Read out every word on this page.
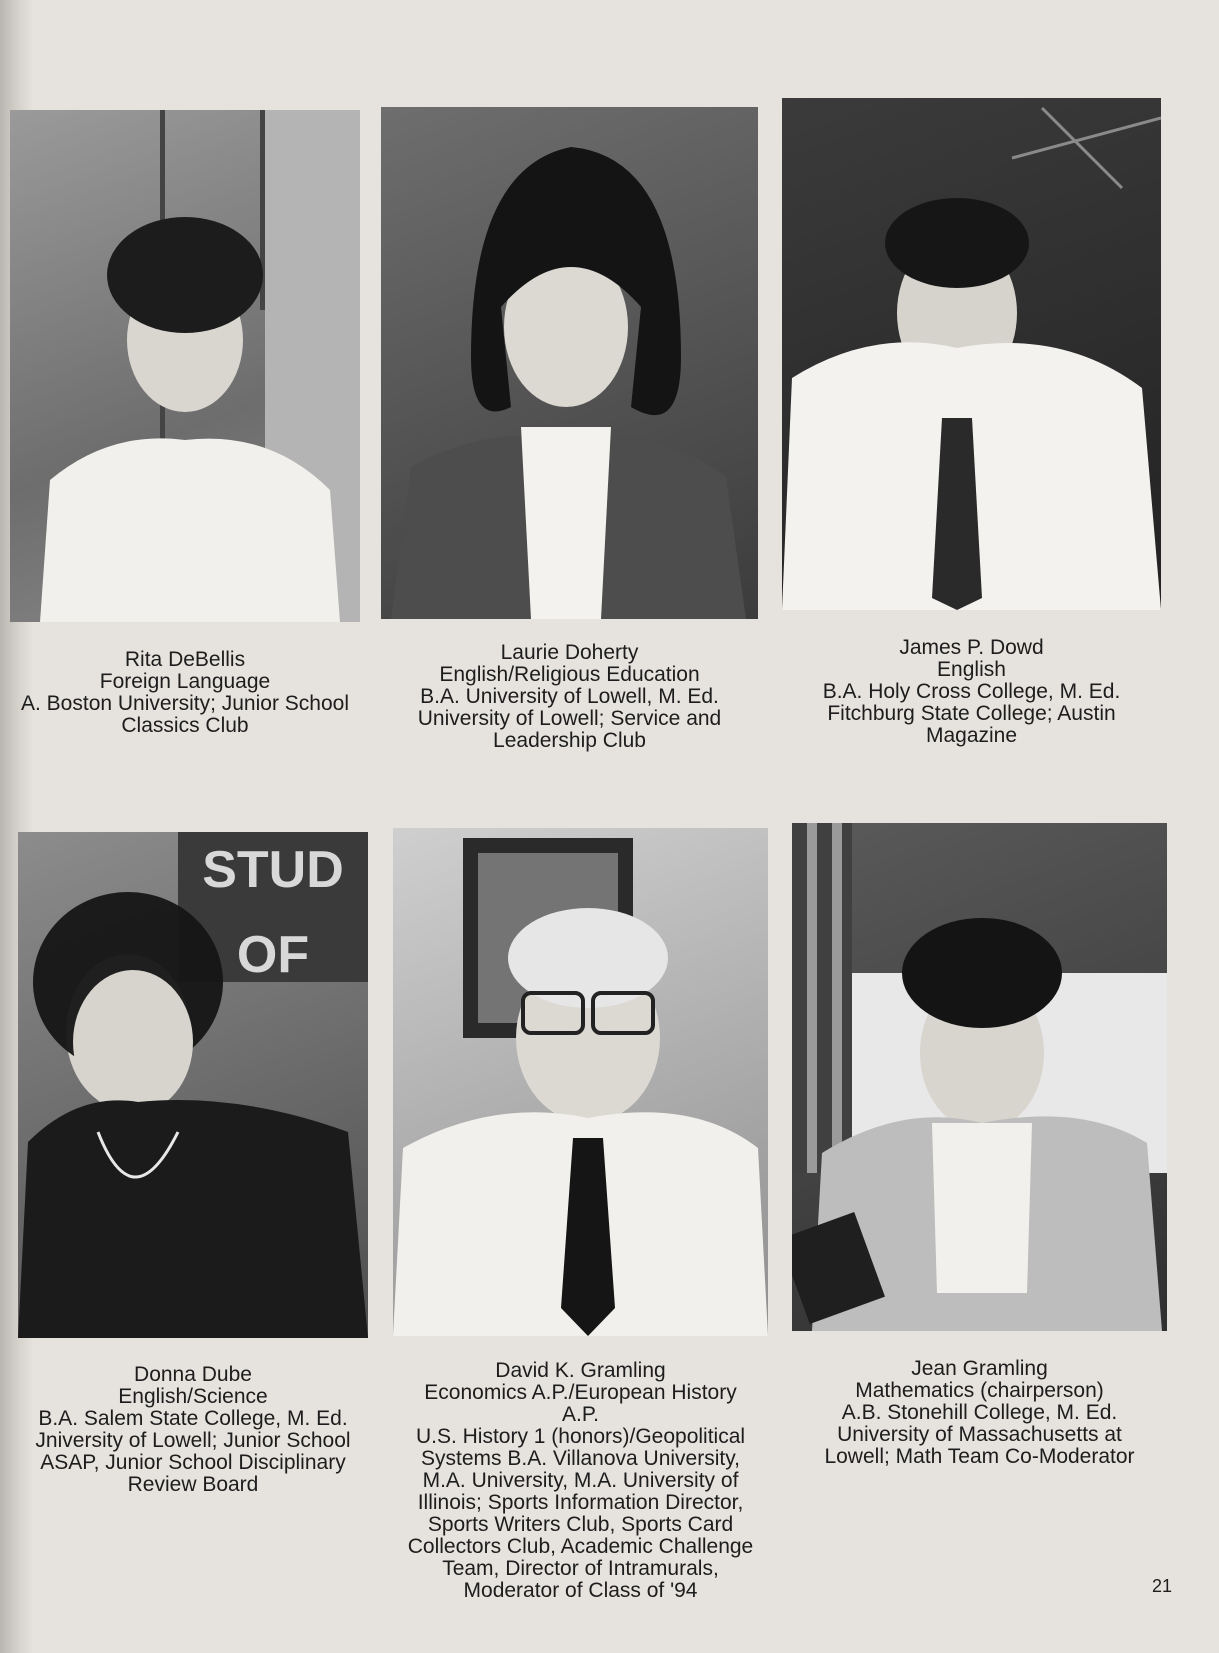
Rita DeBellis
Foreign Language
A. Boston University; Junior School
Classics Club
Laurie Doherty
English/Religious Education
B.A. University of Lowell, M. Ed.
University of Lowell; Service and
Leadership Club
James P. Dowd
English
B.A. Holy Cross College, M. Ed.
Fitchburg State College; Austin
Magazine
STUD
OF
Donna Dube
English/Science
B.A. Salem State College, M. Ed.
Jniversity of Lowell; Junior School
ASAP, Junior School Disciplinary
Review Board
David K. Gramling
Economics A.P./European History
A.P.
U.S. History 1 (honors)/Geopolitical
Systems B.A. Villanova University,
M.A. University, M.A. University of
Illinois; Sports Information Director,
Sports Writers Club, Sports Card
Collectors Club, Academic Challenge
Team, Director of Intramurals,
Moderator of Class of '94
Jean Gramling
Mathematics (chairperson)
A.B. Stonehill College, M. Ed.
University of Massachusetts at
Lowell; Math Team Co-Moderator
21
